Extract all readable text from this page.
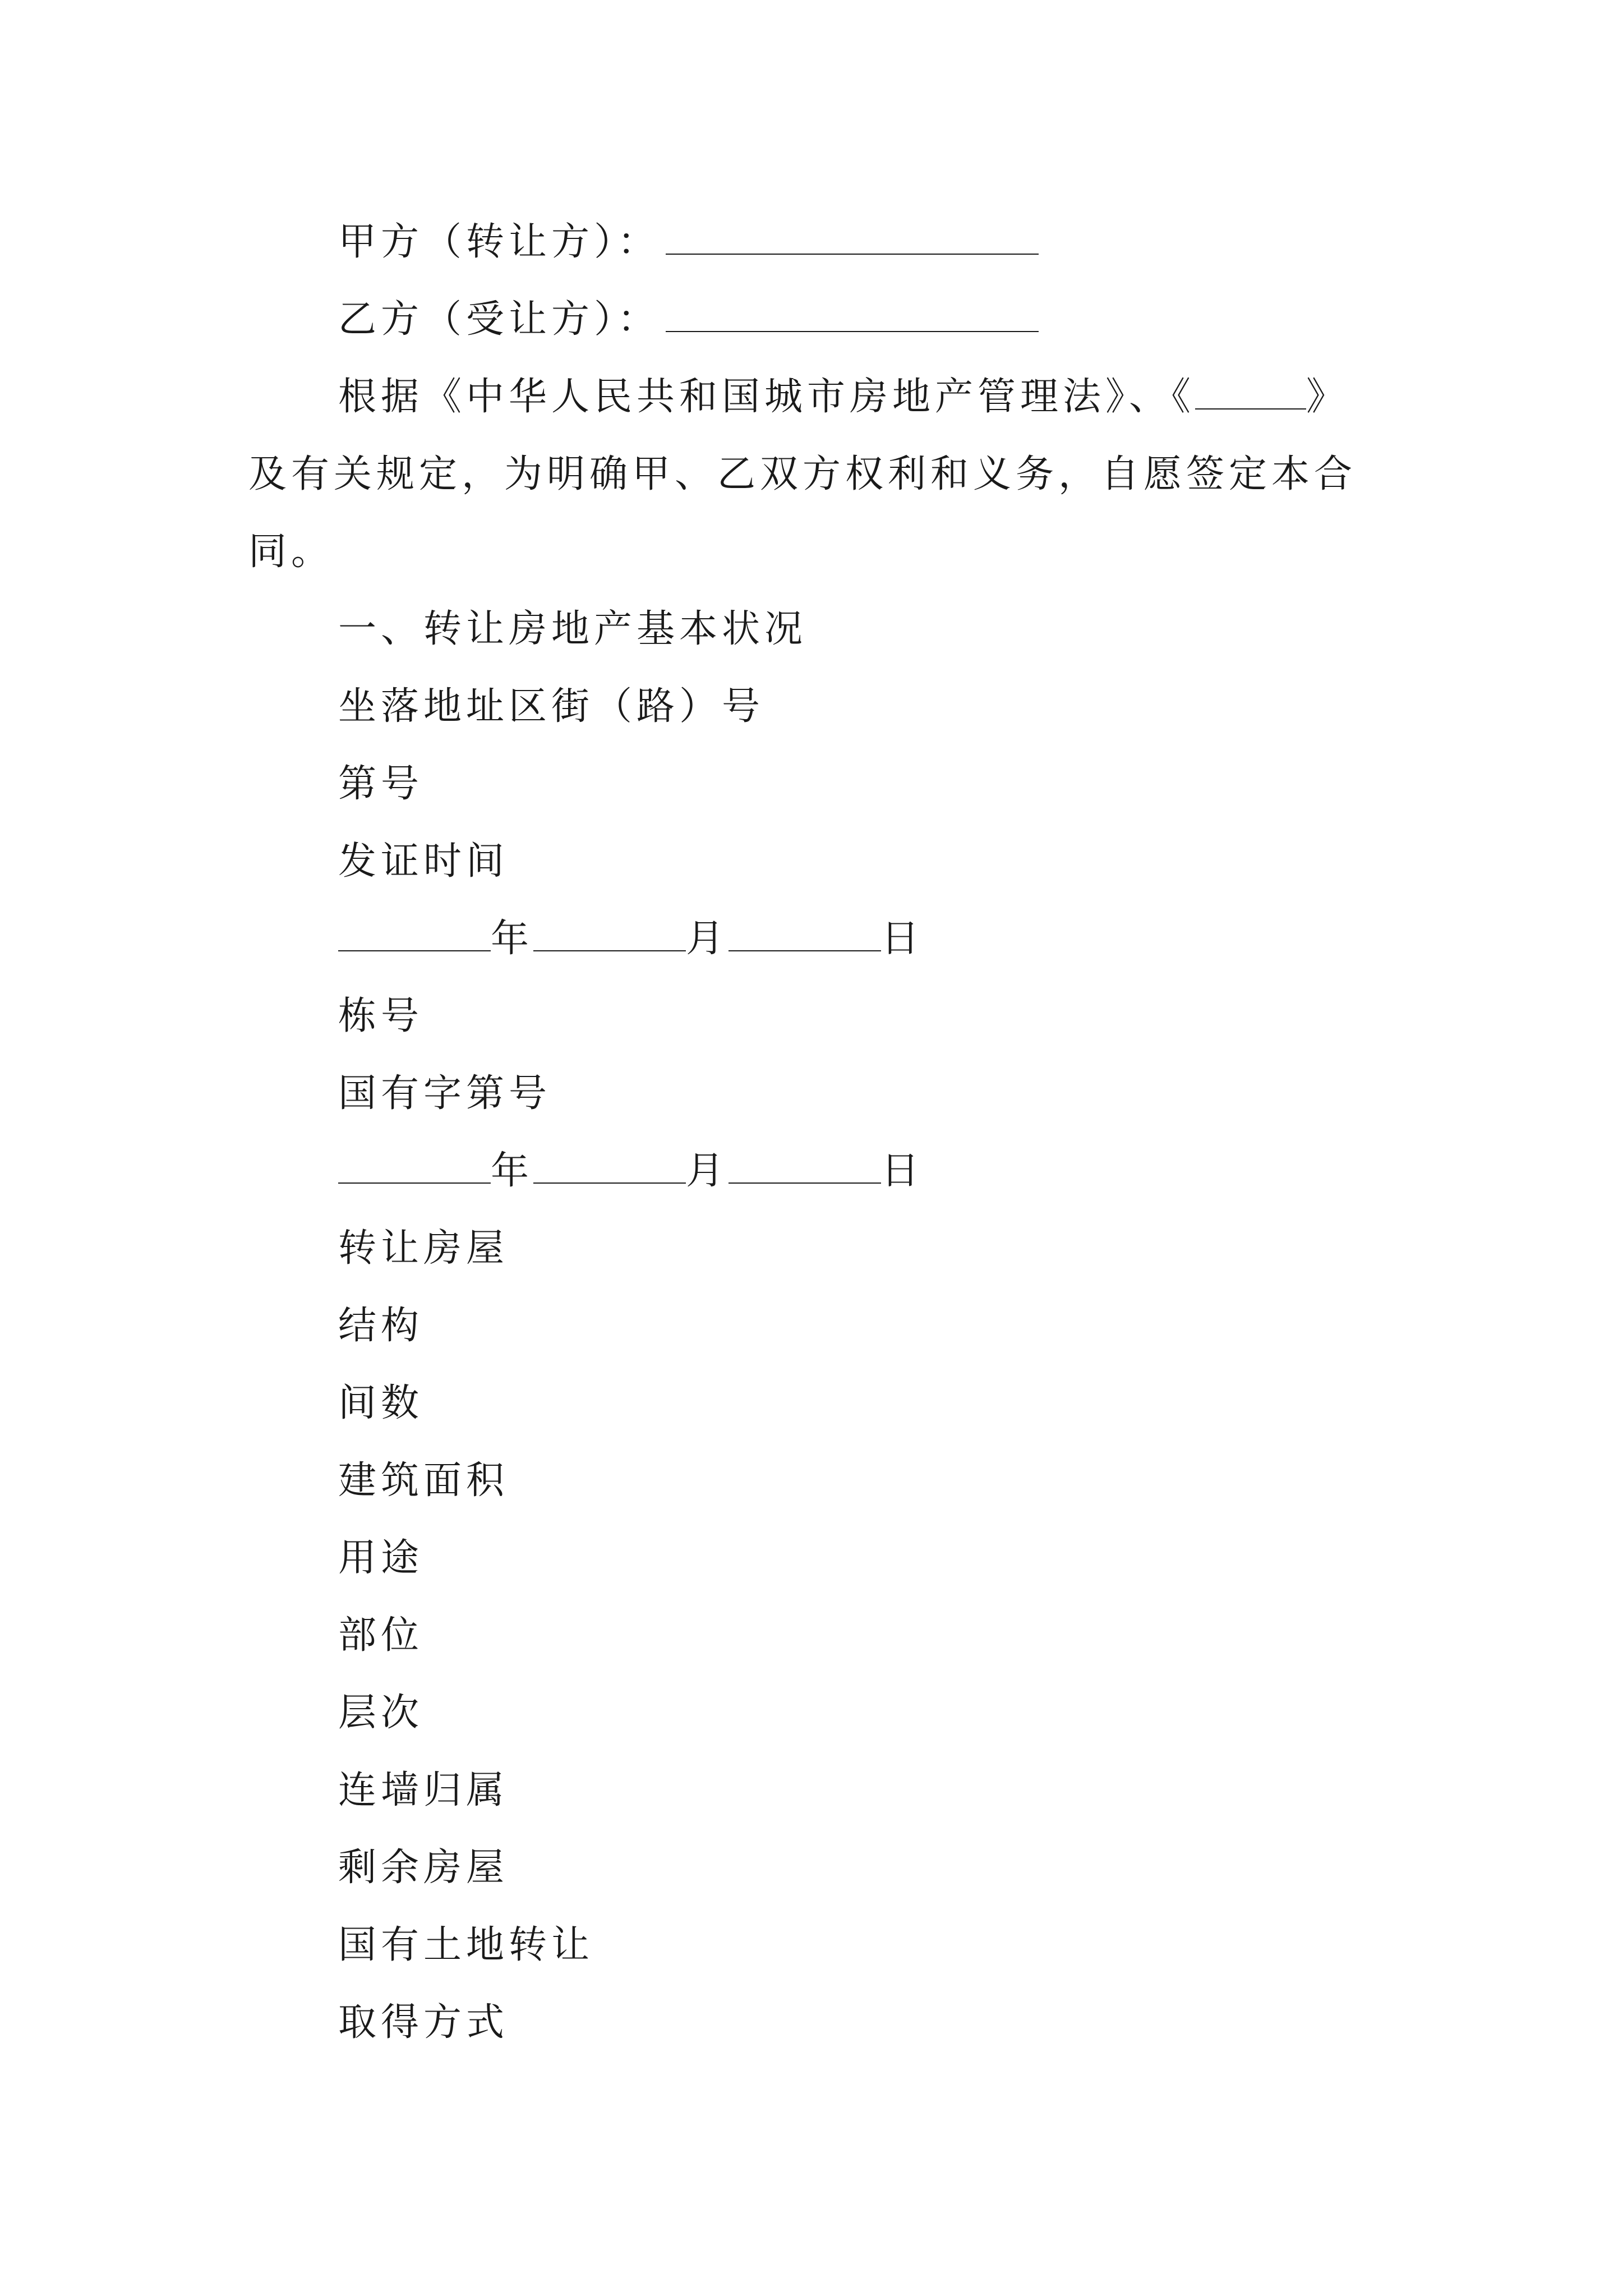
甲方（转让方）：
乙方（受让方）：
根据《中华人民共和国城市房地产管理法》、《	》
及有关规定，为明确甲、乙双方权利和义务，自愿签定本合
同。
一、转让房地产基本状况
坐落地址区街（路）号
第号
发证时间
年	月	日
栋号
国有字第号
年	月	日
转让房屋
结构
间数
建筑面积
用途
部位
层次
连墙归属
剩余房屋
国有土地转让
取得方式
